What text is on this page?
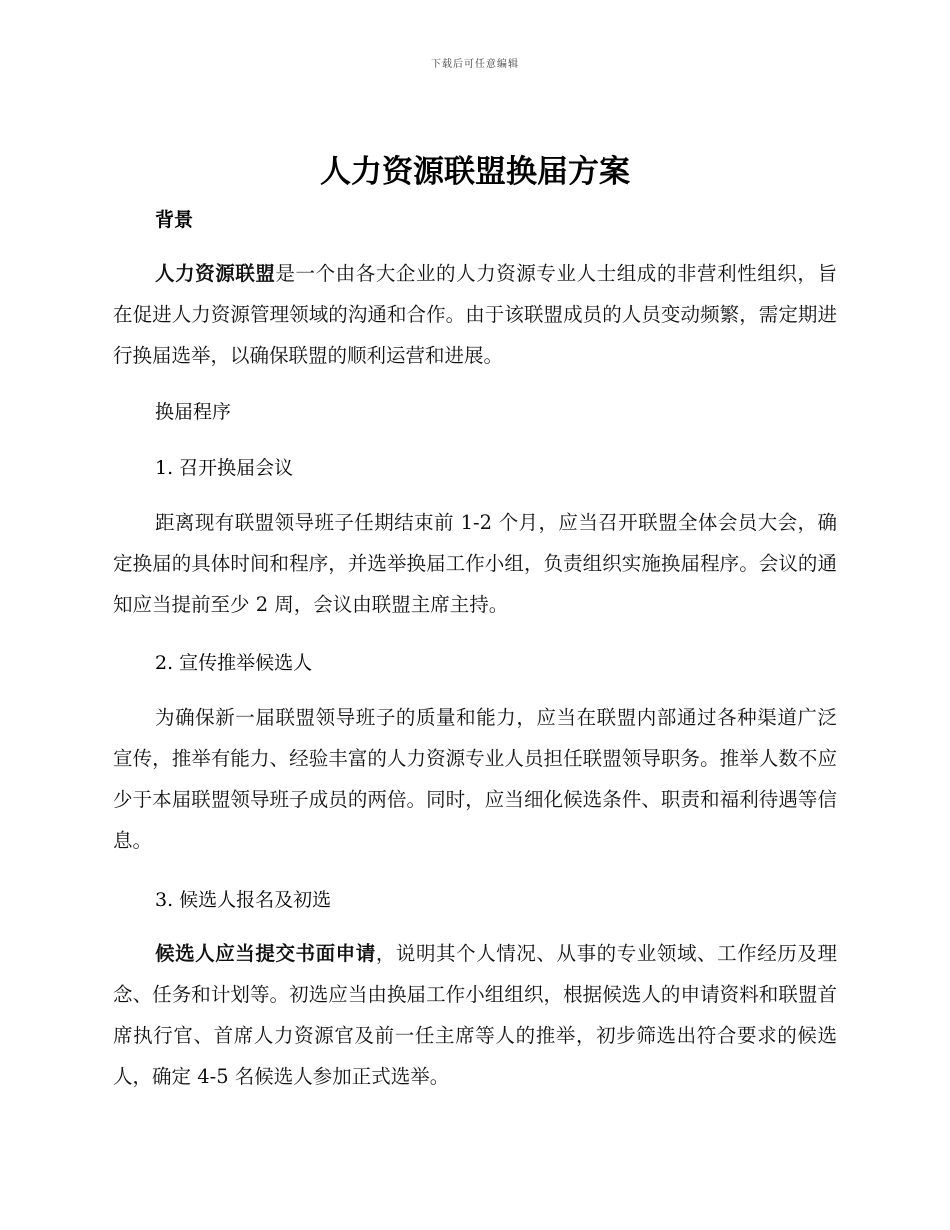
下载后可任意编辑
人力资源联盟换届方案
背景

人力资源联盟是一个由各大企业的人力资源专业人士组成的非营利性组织，旨在促进人力资源管理领域的沟通和合作。由于该联盟成员的人员变动频繁，需定期进行换届选举，以确保联盟的顺利运营和进展。

换届程序
1. 召开换届会议

距离现有联盟领导班子任期结束前 1-2 个月，应当召开联盟全体会员大会，确定换届的具体时间和程序，并选举换届工作小组，负责组织实施换届程序。会议的通知应当提前至少 2 周，会议由联盟主席主持。

2. 宣传推举候选人

为确保新一届联盟领导班子的质量和能力，应当在联盟内部通过各种渠道广泛宣传，推举有能力、经验丰富的人力资源专业人员担任联盟领导职务。推举人数不应少于本届联盟领导班子成员的两倍。同时，应当细化候选条件、职责和福利待遇等信息。

3. 候选人报名及初选

候选人应当提交书面申请，说明其个人情况、从事的专业领域、工作经历及理念、任务和计划等。初选应当由换届工作小组组织，根据候选人的申请资料和联盟首席执行官、首席人力资源官及前一任主席等人的推举，初步筛选出符合要求的候选人，确定 4-5 名候选人参加正式选举。
